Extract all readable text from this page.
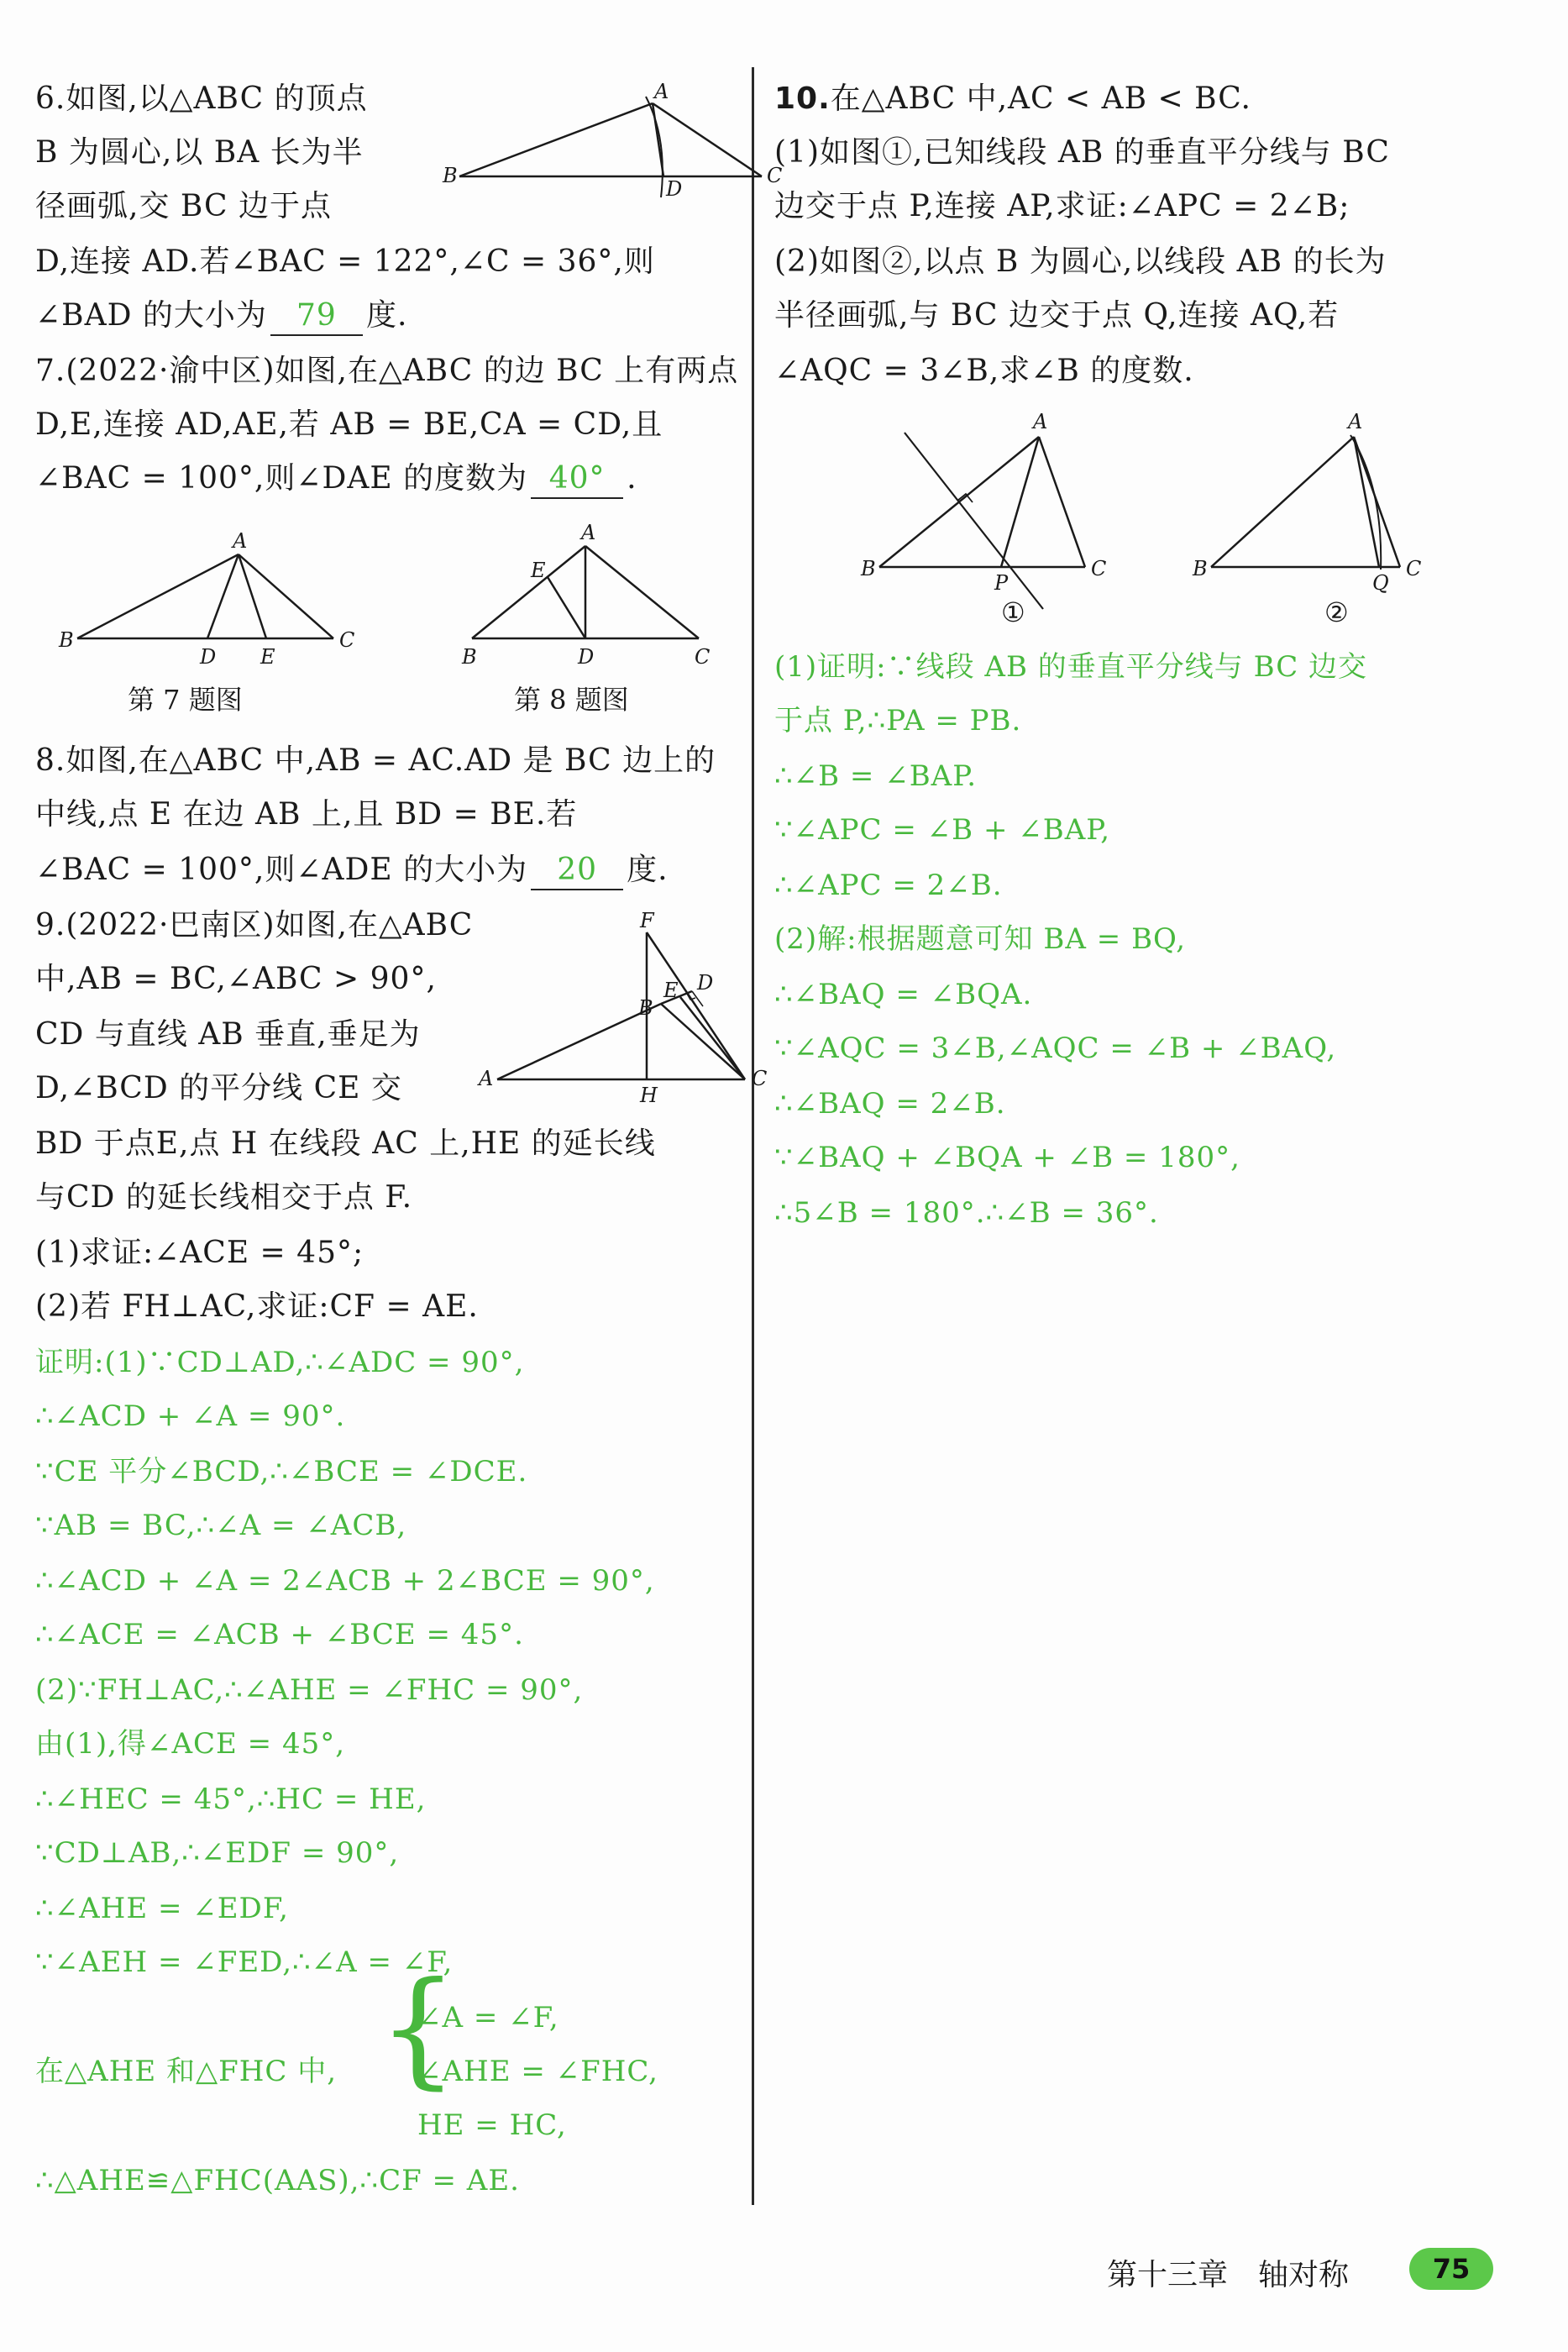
6.如图,以△ABC 的顶点
B 为圆心,以 BA 长为半
径画弧,交 BC 边于点
D,连接 AD.若∠BAC = 122°,∠C = 36°,则
∠BAD 的大小为 79 度.
A
B	C
D
7.(2022·渝中区)如图,在△ABC 的边 BC 上有两点
D,E,连接 AD,AE,若 AB = BE,CA = CD,且
∠BAC = 100°,则∠DAE 的度数为 40° .
A
B	C
D E
第 7 题图
A
E
B	D	C
第 8 题图
8.如图,在△ABC 中,AB = AC.AD 是 BC 边上的
中线,点 E 在边 AB 上,且 BD = BE.若
∠BAC = 100°,则∠ADE 的大小为 20 度.
9.(2022·巴南区)如图,在△ABC
中,AB = BC,∠ABC > 90°,
CD 与直线 AB 垂直,垂足为
D,∠BCD 的平分线 CE 交
BD 于点E,点 H 在线段 AC 上,HE 的延长线
与CD 的延长线相交于点 F.
(1)求证:∠ACE = 45°;
(2)若 FH⊥AC,求证:CF = AE.
F
D
E
B
A
H
C
证明:(1)∵CD⊥AD,∴∠ADC = 90°,
∴∠ACD + ∠A = 90°.
∵CE 平分∠BCD,∴∠BCE = ∠DCE.
∵AB = BC,∴∠A = ∠ACB,
∴∠ACD + ∠A = 2∠ACB + 2∠BCE = 90°,
∴∠ACE = ∠ACB + ∠BCE = 45°.
(2)∵FH⊥AC,∴∠AHE = ∠FHC = 90°,
由(1),得∠ACE = 45°,
∴∠HEC = 45°,∴HC = HE,
∵CD⊥AB,∴∠EDF = 90°,
∴∠AHE = ∠EDF,
∵∠AEH = ∠FED,∴∠A = ∠F,
在△AHE 和△FHC 中, {
∠A = ∠F,
∠AHE = ∠FHC,
HE = HC,
∴△AHE≌△FHC(AAS),∴CF = AE.
10.在△ABC 中,AC < AB < BC.
(1)如图①,已知线段 AB 的垂直平分线与 BC
边交于点 P,连接 AP,求证:∠APC = 2∠B;
(2)如图②,以点 B 为圆心,以线段 AB 的长为
半径画弧,与 BC 边交于点 Q,连接 AQ,若
∠AQC = 3∠B,求∠B 的度数.
A
B	C
P
①
A
B	C
Q
②
(1)证明:∵线段 AB 的垂直平分线与 BC 边交
于点 P,∴PA = PB.
∴∠B = ∠BAP.
∵∠APC = ∠B + ∠BAP,
∴∠APC = 2∠B.
(2)解:根据题意可知 BA = BQ,
∴∠BAQ = ∠BQA.
∵∠AQC = 3∠B,∠AQC = ∠B + ∠BAQ,
∴∠BAQ = 2∠B.
∵∠BAQ + ∠BQA + ∠B = 180°,
∴5∠B = 180°.∴∠B = 36°.
第十三章　轴对称	75
